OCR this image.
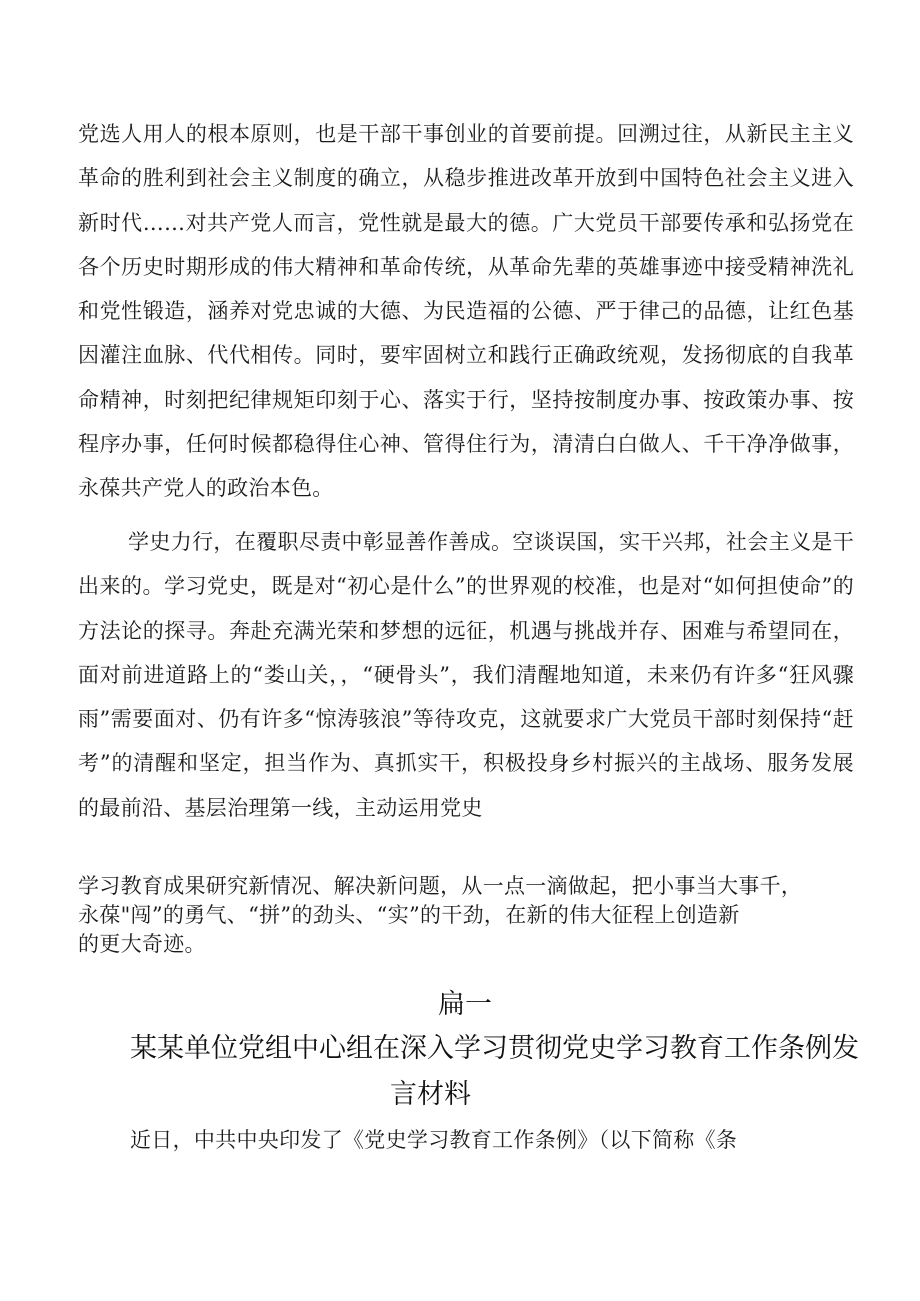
党选人用人的根本原则，也是干部干事创业的首要前提。回溯过往，从新民主主义革命的胜利到社会主义制度的确立，从稳步推进改革开放到中国特色社会主义进入新时代……对共产党人而言，党性就是最大的德。广大党员干部要传承和弘扬党在各个历史时期形成的伟大精神和革命传统，从革命先辈的英雄事迹中接受精神洗礼和党性锻造，涵养对党忠诚的大德、为民造福的公德、严于律己的品德，让红色基因灌注血脉、代代相传。同时，要牢固树立和践行正确政统观，发扬彻底的自我革命精神，时刻把纪律规矩印刻于心、落实于行，坚持按制度办事、按政策办事、按程序办事，任何时候都稳得住心神、管得住行为，清清白白做人、千干净净做事，永葆共产党人的政治本色。
学史力行，在覆职尽责中彰显善作善成。空谈误国，实干兴邦，社会主义是干出来的。学习党史，既是对“初心是什么”的世界观的校准，也是对“如何担使命”的方法论的探寻。奔赴充满光荣和梦想的远征，机遇与挑战并存、困难与希望同在，面对前进道路上的“娄山关，，“硬骨头”，我们清醒地知道，未来仍有许多“狂风骤雨”需要面对、仍有许多“惊涛骇浪”等待攻克，这就要求广大党员干部时刻保持“赶考”的清醒和坚定，担当作为、真抓实干，积极投身乡村振兴的主战场、服务发展的最前沿、基层治理第一线，主动运用党史
学习教育成果研究新情况、解决新问题，从一点一滴做起，把小事当大事千，
永葆"闯”的勇气、“拼”的劲头、“实”的干劲，在新的伟大征程上创造新
的更大奇迹。
扁一
某某单位党组中心组在深入学习贯彻党史学习教育工作条例发
言材料
近日，中共中央印发了《党史学习教育工作条例》（以下简称《条
